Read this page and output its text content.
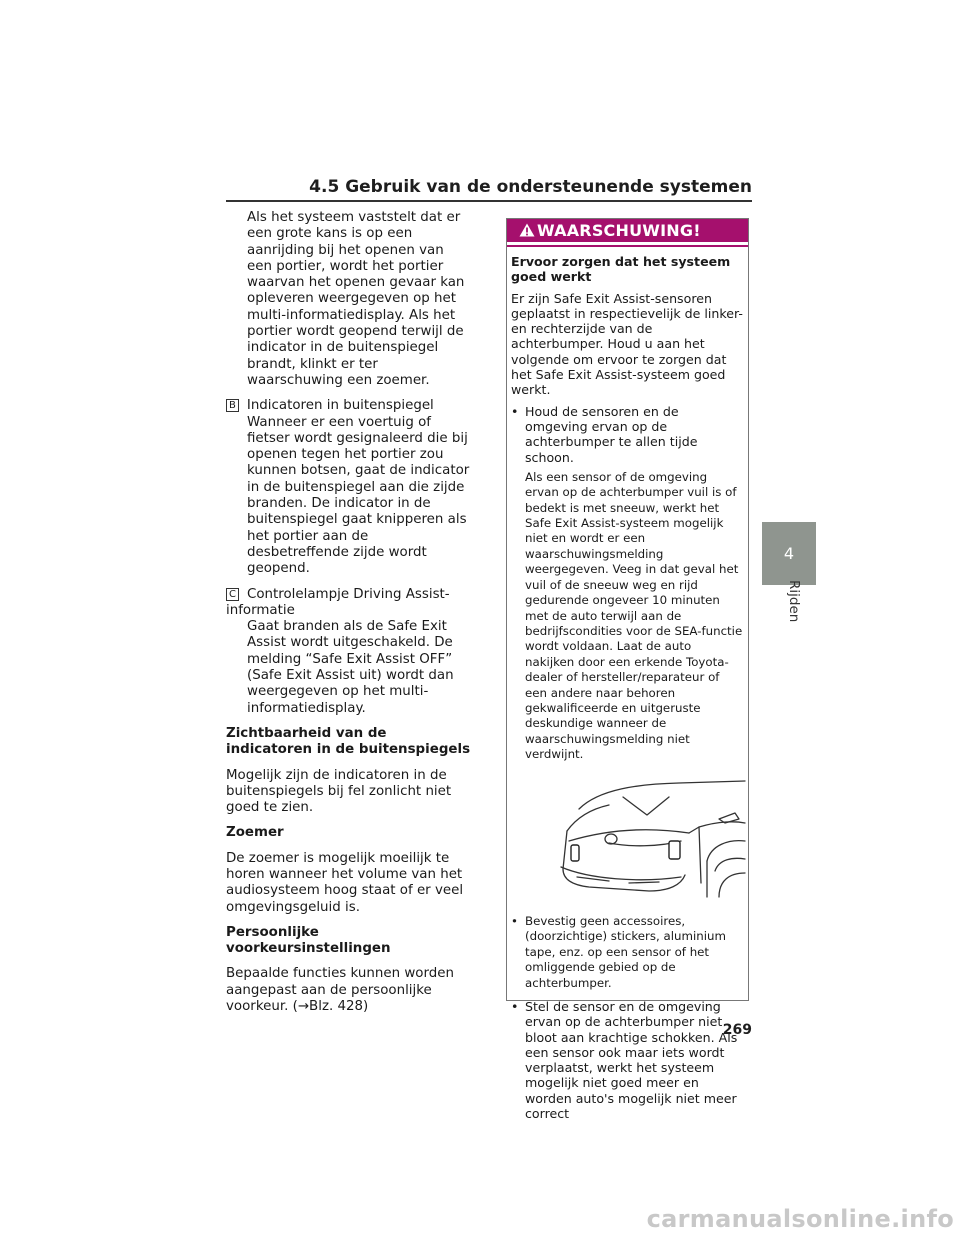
4.5 Gebruik van de ondersteunende systemen

Als het systeem vaststelt dat er een grote kans is op een aanrijding bij het openen van een portier, wordt het portier waarvan het openen gevaar kan opleveren weergegeven op het multi-informatiedisplay. Als het portier wordt geopend terwijl de indicator in de buitenspiegel brandt, klinkt er ter waarschuwing een zoemer.

B Indicatoren in buitenspiegel
Wanneer er een voertuig of fietser wordt gesignaleerd die bij openen tegen het portier zou kunnen botsen, gaat de indicator in de buitenspiegel aan die zijde branden. De indicator in de buitenspiegel gaat knipperen als het portier aan de desbetreffende zijde wordt geopend.

C Controlelampje Driving Assist-informatie
Gaat branden als de Safe Exit Assist wordt uitgeschakeld. De melding “Safe Exit Assist OFF” (Safe Exit Assist uit) wordt dan weergegeven op het multi-informatiedisplay.

Zichtbaarheid van de indicatoren in de buitenspiegels

Mogelijk zijn de indicatoren in de buitenspiegels bij fel zonlicht niet goed te zien.

Zoemer

De zoemer is mogelijk moeilijk te horen wanneer het volume van het audiosysteem hoog staat of er veel omgevingsgeluid is.

Persoonlijke voorkeursinstellingen

Bepaalde functies kunnen worden aangepast aan de persoonlijke voorkeur. (→Blz. 428)

WAARSCHUWING!

Ervoor zorgen dat het systeem goed werkt

Er zijn Safe Exit Assist-sensoren geplaatst in respectievelijk de linker- en rechterzijde van de achterbumper. Houd u aan het volgende om ervoor te zorgen dat het Safe Exit Assist-systeem goed werkt.

• Houd de sensoren en de omgeving ervan op de achterbumper te allen tijde schoon.

Als een sensor of de omgeving ervan op de achterbumper vuil is of bedekt is met sneeuw, werkt het Safe Exit Assist-systeem mogelijk niet en wordt er een waarschuwingsmelding weergegeven. Veeg in dat geval het vuil of de sneeuw weg en rijd gedurende ongeveer 10 minuten met de auto terwijl aan de bedrijfscondities voor de SEA-functie wordt voldaan. Laat de auto nakijken door een erkende Toyota-dealer of hersteller/reparateur of een andere naar behoren gekwalificeerde en uitgeruste deskundige wanneer de waarschuwingsmelding niet verdwijnt.

• Bevestig geen accessoires, (doorzichtige) stickers, aluminium tape, enz. op een sensor of het omliggende gebied op de achterbumper.
• Stel de sensor en de omgeving ervan op de achterbumper niet bloot aan krachtige schokken. Als een sensor ook maar iets wordt verplaatst, werkt het systeem mogelijk niet goed meer en worden auto's mogelijk niet meer correct
4
Rijden
269
carmanualsonline.info
